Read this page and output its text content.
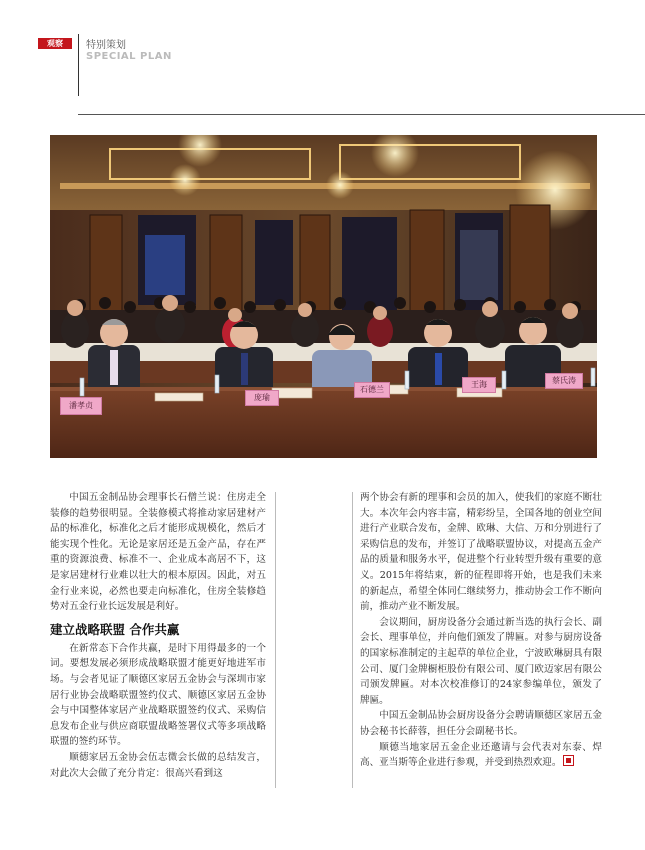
观察	特别策划
SPECIAL PLAN
潘孝贞
庞瑜
石德兰
王海	蔡氏涛

中国五金制品协会理事长石僧兰说：住房走全装修的趋势很明显。全装修模式将推动家居建材产品的标准化，标准化之后才能形成规模化，然后才能实现个性化。无论是家居还是五金产品，存在严重的资源浪费、标准不一、企业成本高居不下，这是家居建材行业难以壮大的根本原因。因此，对五金行业来说，必然也要走向标准化，住房全装修趋势对五金行业长远发展是利好。

建立战略联盟 合作共赢

在新常态下合作共赢，是时下用得最多的一个词。要想发展必须形成战略联盟才能更好地进军市场。与会者见证了顺德区家居五金协会与深圳市家居行业协会战略联盟签约仪式、顺德区家居五金协会与中国整体家居产业战略联盟签约仪式、采购信息发布企业与供应商联盟战略签署仪式等多项战略联盟的签约环节。

顺德家居五金协会伍志微会长做的总结发言，对此次大会做了充分肯定：很高兴看到这

两个协会有新的理事和会员的加入，使我们的家庭不断壮大。本次年会内容丰富，精彩纷呈，全国各地的创业空间进行产业联合发布，金牌、欧琳、大信、万和分别进行了采购信息的发布，并签订了战略联盟协议，对提高五金产品的质量和服务水平，促进整个行业转型升级有重要的意义。2015年将结束，新的征程即将开始，也是我们未来的新起点，希望全体同仁继续努力，推动协会工作不断向前，推动产业不断发展。

会议期间，厨房设备分会通过新当选的执行会长、副会长、理事单位，并向他们颁发了牌匾。对参与厨房设备的国家标准制定的主起草的单位企业，宁波欧琳厨具有限公司、厦门金牌橱柜股份有限公司、厦门欧迈家居有限公司颁发牌匾。对本次校准修订的24家参编单位，颁发了牌匾。

中国五金制品协会厨房设备分会聘请顺德区家居五金协会秘书长薛蓉，担任分会副秘书长。

顺德当地家居五金企业还邀请与会代表对东泰、焊高、亚当斯等企业进行参观，并受到热烈欢迎。
